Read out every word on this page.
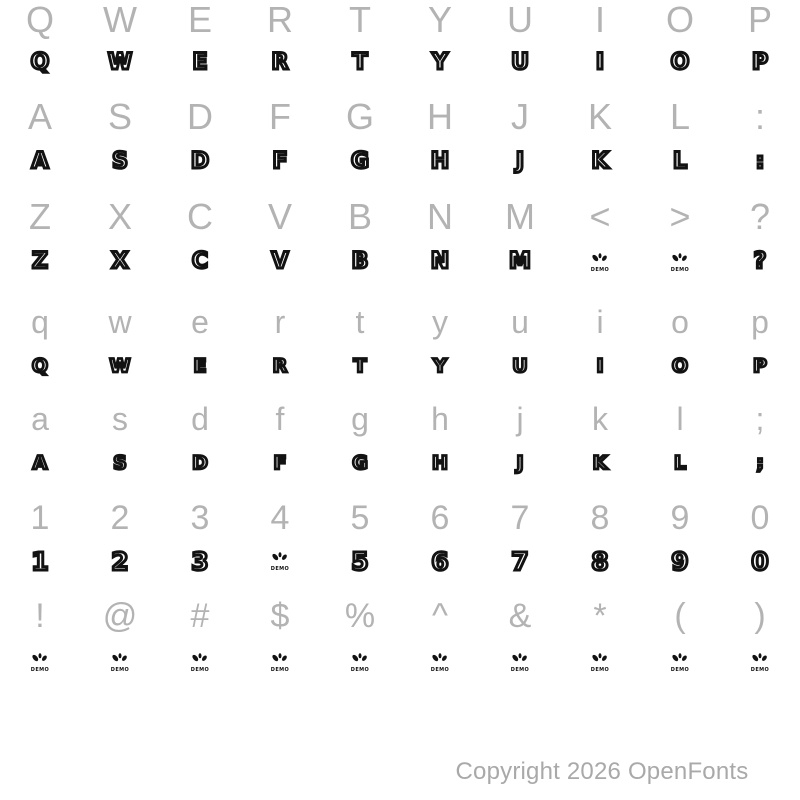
Q	W	E	R	T	Y	U	I	O	P
Q	W	E	R	T	Y	U	I	O	P
A	S	D	F	G	H	J	K	L	:
A	S	D	F	G	H	J	K	L	:
Z	X	C	V	B	N	M	<	>	?
Z	X	C	V	B	N	M	DEMO	DEMO	?
q	w	e	r	t	y	u	i	o	p
Q	W	E	R	T	Y	U	I	O	P
a	s	d	f	g	h	j	k	l	;
A	S	D	F	G	H	J	K	L	;
1	2	3	4	5	6	7	8	9	0
1	2	3	DEMO	5	6	7	8	9	0
!	@	#	$	%	^	&	*	(	)
DEMO	DEMO	DEMO	DEMO	DEMO	DEMO	DEMO	DEMO	DEMO	DEMO
Copyright 2026 OpenFonts
